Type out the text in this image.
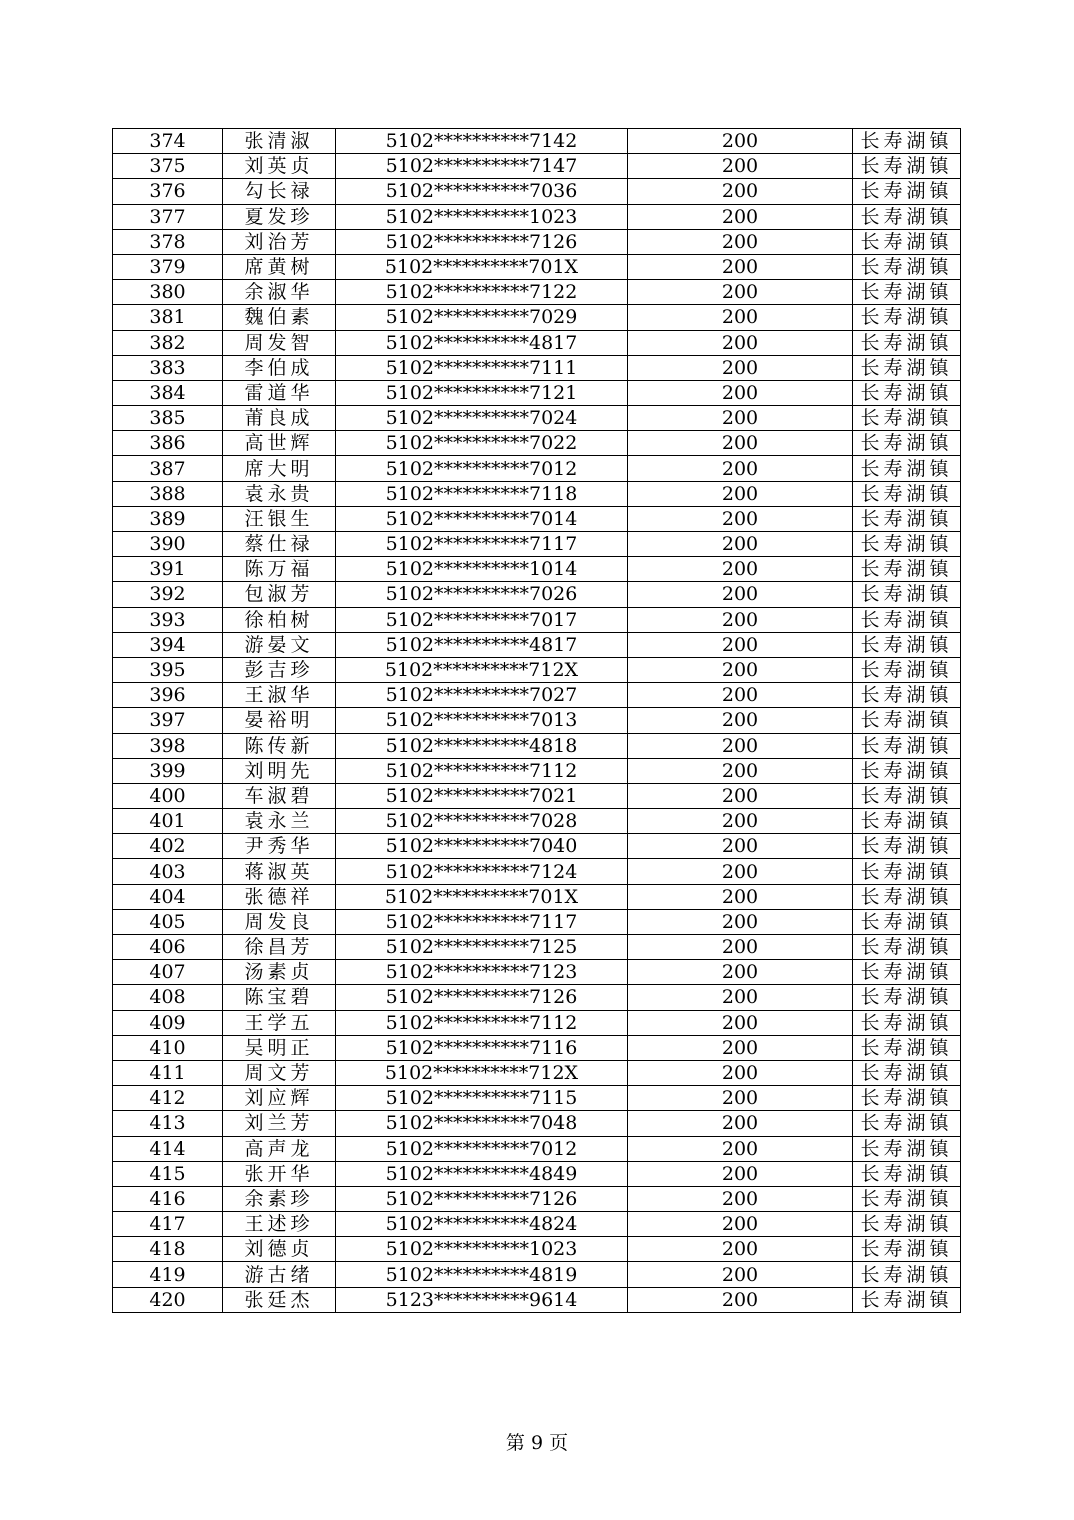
374	张清淑	5102**********7142	200	长寿湖镇
375	刘英贞	5102**********7147	200	长寿湖镇
376	勾长禄	5102**********7036	200	长寿湖镇
377	夏发珍	5102**********1023	200	长寿湖镇
378	刘治芳	5102**********7126	200	长寿湖镇
379	席黄树	5102**********701X	200	长寿湖镇
380	余淑华	5102**********7122	200	长寿湖镇
381	魏伯素	5102**********7029	200	长寿湖镇
382	周发智	5102**********4817	200	长寿湖镇
383	李伯成	5102**********7111	200	长寿湖镇
384	雷道华	5102**********7121	200	长寿湖镇
385	莆良成	5102**********7024	200	长寿湖镇
386	高世辉	5102**********7022	200	长寿湖镇
387	席大明	5102**********7012	200	长寿湖镇
388	袁永贵	5102**********7118	200	长寿湖镇
389	汪银生	5102**********7014	200	长寿湖镇
390	蔡仕禄	5102**********7117	200	长寿湖镇
391	陈万福	5102**********1014	200	长寿湖镇
392	包淑芳	5102**********7026	200	长寿湖镇
393	徐柏树	5102**********7017	200	长寿湖镇
394	游晏文	5102**********4817	200	长寿湖镇
395	彭吉珍	5102**********712X	200	长寿湖镇
396	王淑华	5102**********7027	200	长寿湖镇
397	晏裕明	5102**********7013	200	长寿湖镇
398	陈传新	5102**********4818	200	长寿湖镇
399	刘明先	5102**********7112	200	长寿湖镇
400	车淑碧	5102**********7021	200	长寿湖镇
401	袁永兰	5102**********7028	200	长寿湖镇
402	尹秀华	5102**********7040	200	长寿湖镇
403	蒋淑英	5102**********7124	200	长寿湖镇
404	张德祥	5102**********701X	200	长寿湖镇
405	周发良	5102**********7117	200	长寿湖镇
406	徐昌芳	5102**********7125	200	长寿湖镇
407	汤素贞	5102**********7123	200	长寿湖镇
408	陈宝碧	5102**********7126	200	长寿湖镇
409	王学五	5102**********7112	200	长寿湖镇
410	吴明正	5102**********7116	200	长寿湖镇
411	周文芳	5102**********712X	200	长寿湖镇
412	刘应辉	5102**********7115	200	长寿湖镇
413	刘兰芳	5102**********7048	200	长寿湖镇
414	高声龙	5102**********7012	200	长寿湖镇
415	张开华	5102**********4849	200	长寿湖镇
416	余素珍	5102**********7126	200	长寿湖镇
417	王述珍	5102**********4824	200	长寿湖镇
418	刘德贞	5102**********1023	200	长寿湖镇
419	游古绪	5102**********4819	200	长寿湖镇
420	张廷杰	5123**********9614	200	长寿湖镇
第 9 页
